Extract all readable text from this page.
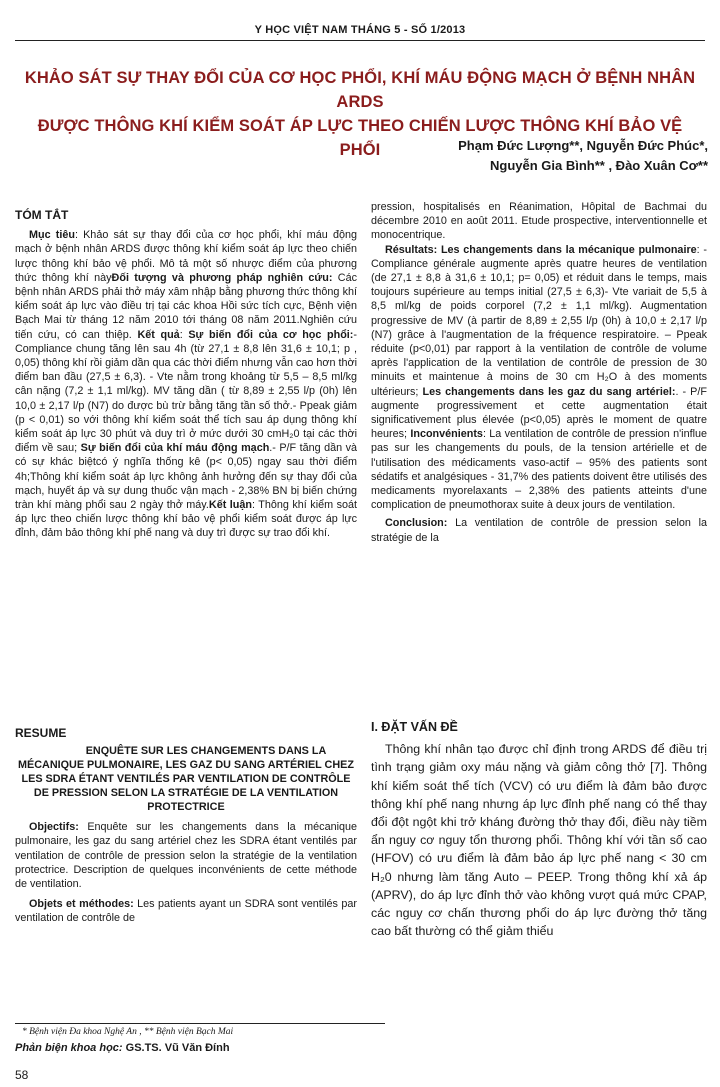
Y HỌC VIỆT NAM THÁNG 5 - SỐ 1/2013
KHẢO SÁT SỰ THAY ĐỔI CỦA CƠ HỌC PHỔI, KHÍ MÁU ĐỘNG MẠCH Ở BỆNH NHÂN ARDS
ĐƯỢC THÔNG KHÍ KIỂM SOÁT ÁP LỰC THEO CHIẾN LƯỢC THÔNG KHÍ BẢO VỆ PHỔI	Phạm Đức Lượng**, Nguyễn Đức Phúc*,
Nguyễn Gia Bình** , Đào Xuân Cơ**
TÓM TẮT

Mục tiêu: Khảo sát sự thay đổi của cơ học phổi, khí máu động mạch ở bệnh nhân ARDS được thông khí kiểm soát áp lực theo chiến lược thông khí bảo vệ phổi. Mô tả một số nhược điểm của phương thức thông khí nàyĐối tượng và phương pháp nghiên cứu: Các bệnh nhân ARDS phải thở máy xâm nhập bằng phương thức thông khí kiểm soát áp lực vào điều trị tại các khoa Hồi sức tích cực, Bệnh viện Bạch Mai từ tháng 12 năm 2010 tới tháng 08 năm 2011.Nghiên cứu tiến cứu, có can thiệp. Kết quả: Sự biến đổi của cơ học phổi:- Compliance chung tăng lên sau 4h (từ 27,1 ± 8,8 lên 31,6 ± 10,1; p , 0,05) thông khí rồi giảm dần qua các thời điểm nhưng vẫn cao hơn thời điểm ban đầu (27,5 ± 6,3). - Vte nằm trong khoảng từ 5,5 – 8,5 ml/kg cân nặng (7,2 ± 1,1 ml/kg). MV tăng dần ( từ 8,89 ± 2,55 l/p (0h) lên 10,0 ± 2,17 l/p (N7) do được bù trừ bằng tăng tần số thở.- Ppeak giảm (p < 0,01) so với thông khí kiểm soát thể tích sau áp dụng thông khí kiểm soát áp lực 30 phút và duy trì ở mức dưới 30 cmH₂0 tại các thời điểm về sau; Sự biến đổi của khí máu động mạch.- P/F tăng dần và có sự khác biệtcó ý nghĩa thống kê (p< 0,05) ngay sau thời điểm 4h;Thông khí kiểm soát áp lực không ảnh hưởng đến sự thay đổi của mạch, huyết áp và sự dung thuốc vận mạch - 2,38% BN bị biến chứng tràn khí màng phổi sau 2 ngày thở máy.Kết luận: Thông khí kiểm soát áp lực theo chiến lược thông khí bảo vệ phổi kiểm soát được áp lực đỉnh, đảm bảo thông khí phế nang và duy trì được sự trao đổi khí.

RESUME

ENQUÊTE SUR LES CHANGEMENTS DANS LA MÉCANIQUE PULMONAIRE, LES GAZ DU SANG ARTÉRIEL CHEZ LES SDRA ÉTANT VENTILÉS PAR VENTILATION DE CONTRÔLE DE PRESSION SELON LA STRATÉGIE DE LA VENTILATION PROTECTRICE

Objectifs: Enquête sur les changements dans la mécanique pulmonaire, les gaz du sang artériel chez les SDRA étant ventilés par ventilation de contrôle de pression selon la stratégie de la ventilation protectrice. Description de quelques inconvénients de cette méthode de ventilation.

Objets et méthodes: Les patients ayant un SDRA sont ventilés par ventilation de contrôle de

pression, hospitalisés en Réanimation, Hôpital de Bachmai du décembre 2010 en août 2011. Etude prospective, interventionnelle et monocentrique.

Résultats: Les changements dans la mécanique pulmonaire: - Compliance générale augmente après quatre heures de ventilation (de 27,1 ± 8,8 à 31,6 ± 10,1; p= 0,05) et réduit dans le temps, mais toujours supérieure au temps initial (27,5 ± 6,3)- Vte variait de 5,5 à 8,5 ml/kg de poids corporel (7,2 ± 1,1 ml/kg). Augmentation progressive de MV (à partir de 8,89 ± 2,55 l/p (0h) à 10,0 ± 2,17 l/p (N7) grâce à l'augmentation de la fréquence respiratoire. – Ppeak réduite (p<0,01) par rapport à la ventilation de contrôle de volume après l'application de la ventilation de contrôle de pression de 30 minuits et maintenue à moins de 30 cm H₂O à des moments ultérieurs; Les changements dans les gaz du sang artériel:. - P/F augmente progressivement et cette augmentation était significativement plus élevée (p<0,05) après le moment de quatre heures; Inconvénients: La ventilation de contrôle de pression n'influe pas sur les changements du pouls, de la tension artérielle et de l'utilisation des médicaments vaso-actif – 95% des patients sont sédatifs et analgésiques - 31,7% des patients doivent être utilisés des medicaments myorelaxants – 2,38% des patients atteints d'une complication de pneumothorax suite à deux jours de ventilation.

Conclusion: La ventilation de contrôle de pression selon la stratégie de la

I. ĐẶT VẤN ĐỀ

Thông khí nhân tạo được chỉ định trong ARDS để điều trị tình trạng giảm oxy máu nặng và giảm công thở [7]. Thông khí kiểm soát thể tích (VCV) có ưu điểm là đảm bảo được thông khí phế nang nhưng áp lực đỉnh phế nang có thể thay đổi đột ngột khi trở kháng đường thở thay đổi, điều này tiềm ẩn nguy cơ nguy tổn thương phổi. Thông khí với tần số cao (HFOV) có ưu điểm là đảm bảo áp lực phế nang < 30 cm H₂0 nhưng làm tăng Auto – PEEP. Trong thông khí xả áp (APRV), do áp lực đỉnh thở vào không vượt quá mức CPAP, các nguy cơ chấn thương phổi do áp lực đường thở tăng cao bất thường có thể giảm thiểu

* Bệnh viện Đa khoa Nghệ An , ** Bệnh viện Bạch Mai
Phản biện khoa học: GS.TS. Vũ Văn Đính
58
